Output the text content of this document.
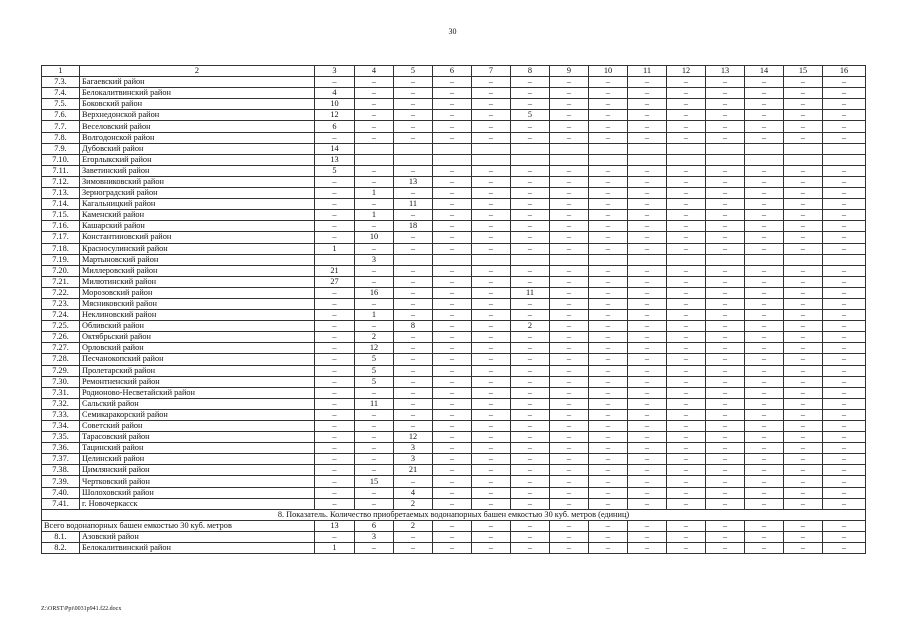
30
1	2	3	4	5	6	7	8	9	10	11	12	13	14	15	16
7.3.	Багаевский район	–	–	–	–	–	–	–	–	–	–	–	–	–	–
7.4.	Белокалитвинский район	4	–	–	–	–	–	–	–	–	–	–	–	–	–
7.5.	Боковский район	10	–	–	–	–	–	–	–	–	–	–	–	–	–
7.6.	Верхнедонской район	12	–	–	–	–	5	–	–	–	–	–	–	–	–
7.7.	Веселовский район	6	–	–	–	–	–	–	–	–	–	–	–	–	–
7.8.	Волгодонской район	–	–	–	–	–	–	–	–	–	–	–	–	–	–
7.9.	Дубовский район	14													
7.10.	Егорлыкский район	13													
7.11.	Заветинский район	5	–	–	–	–	–	–	–	–	–	–	–	–	–
7.12.	Зимовниковский район	–	–	13	–	–	–	–	–	–	–	–	–	–	–
7.13.	Зерноградский район	–	1	–	–	–	–	–	–	–	–	–	–	–	–
7.14.	Кагальницкий район	–	–	11	–	–	–	–	–	–	–	–	–	–	–
7.15.	Каменский район	–	1	–	–	–	–	–	–	–	–	–	–	–	–
7.16.	Кашарский район	–	–	18	–	–	–	–	–	–	–	–	–	–	–
7.17.	Константиновский район	–	10	–	–	–	–	–	–	–	–	–	–	–	–
7.18.	Красносулинский район	1	–	–	–	–	–	–	–	–	–	–	–	–	–
7.19.	Мартыновский район		3												
7.20.	Миллеровский район	21	–	–	–	–	–	–	–	–	–	–	–	–	–
7.21.	Милютинский район	27	–	–	–	–	–	–	–	–	–	–	–	–	–
7.22.	Морозовский район	–	16	–	–	–	11	–	–	–	–	–	–	–	–
7.23.	Мясниковский район	–	–	–	–	–	–	–	–	–	–	–	–	–	–
7.24.	Неклиновский район	–	1	–	–	–	–	–	–	–	–	–	–	–	–
7.25.	Обливский район	–	–	8	–	–	2	–	–	–	–	–	–	–	–
7.26.	Октябрьский район	–	2	–	–	–	–	–	–	–	–	–	–	–	–
7.27.	Орловский район	–	12	–	–	–	–	–	–	–	–	–	–	–	–
7.28.	Песчанокопский район	–	5	–	–	–	–	–	–	–	–	–	–	–	–
7.29.	Пролетарский район	–	5	–	–	–	–	–	–	–	–	–	–	–	–
7.30.	Ремонтненский район	–	5	–	–	–	–	–	–	–	–	–	–	–	–
7.31.	Родионово-Несветайский район	–	–	–	–	–	–	–	–	–	–	–	–	–	–
7.32.	Сальский район	–	11	–	–	–	–	–	–	–	–	–	–	–	–
7.33.	Семикаракорский район	–	–	–	–	–	–	–	–	–	–	–	–	–	–
7.34.	Советский район	–	–	–	–	–	–	–	–	–	–	–	–	–	–
7.35.	Тарасовский район	–	–	12	–	–	–	–	–	–	–	–	–	–	–
7.36.	Тацинский район	–	–	3	–	–	–	–	–	–	–	–	–	–	–
7.37.	Целинский район	–	–	3	–	–	–	–	–	–	–	–	–	–	–
7.38.	Цимлянский район	–	–	21	–	–	–	–	–	–	–	–	–	–	–
7.39.	Чертковский район	–	15	–	–	–	–	–	–	–	–	–	–	–	–
7.40.	Шолоховский район	–	–	4	–	–	–	–	–	–	–	–	–	–	–
7.41.	г. Новочеркасск	–	–	2	–	–	–	–	–	–	–	–	–	–	–
8. Показатель. Количество приобретаемых водонапорных башен емкостью 30 куб. метров (единиц)															
Всего водонапорных башен емкостью 30 куб. метров		13	6	2	–	–	–	–	–	–	–	–	–	–	–
8.1.	Азовский район	–	3	–	–	–	–	–	–	–	–	–	–	–	–
8.2.	Белокалитвинский район	1	–	–	–	–	–	–	–	–	–	–	–	–	–
Z:\ORST\Ppi\0031p941.f22.docx
